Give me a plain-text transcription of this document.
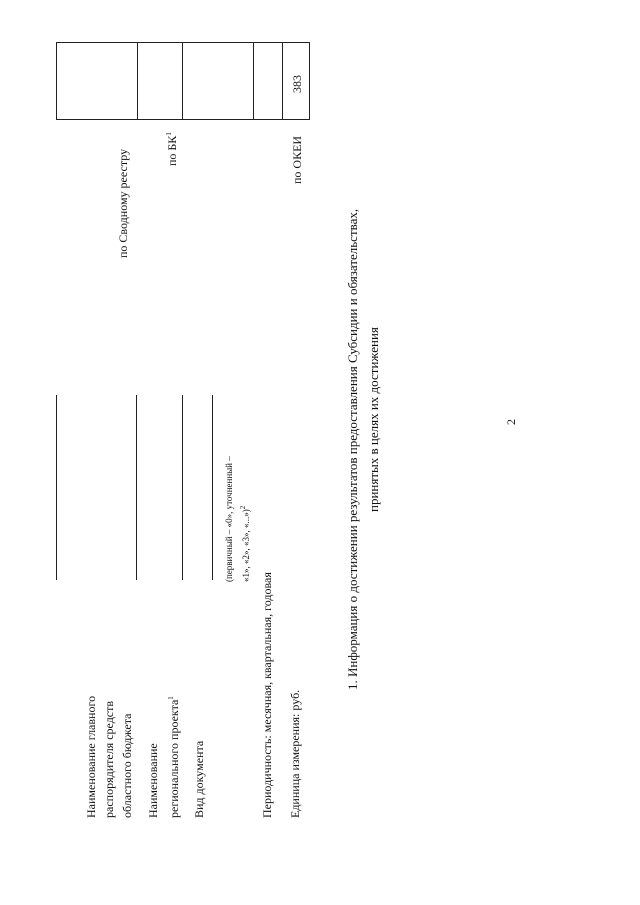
2
Наименование главного распорядителя средств областного бюджета Наименование регионального проекта$^1$
Вид документа	Периодичность: месячная, квартальная, годовая Единица измерения: руб.
(первичный – «0», уточненный – «1», «2», «3», «...»)$^2$
по Сводному реестру	по $БК^1$
по ОКЕИ
383
1. Информация о достижении результатов предоставления Субсидии и обязательствах, принятых в целях их достижения
